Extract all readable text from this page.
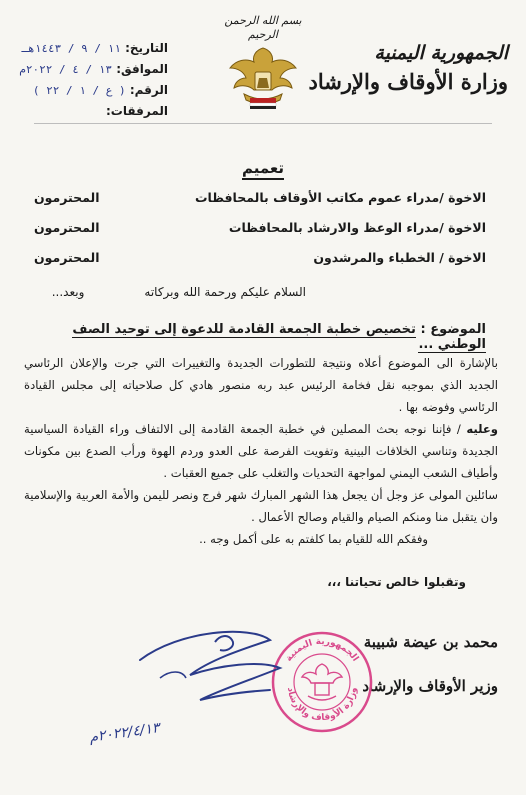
الجمهورية اليمنية
وزارة الأوقاف والإرشاد
بسم الله الرحمن الرحيم
التاريخ: ١١ / ٩ / ١٤٤٣هـ
الموافق: ١٣ / ٤ / ٢٠٢٢م
الرقم: ( ع / ١ / ٢٢ )
المرفقات:
تعميم
الاخوة /مدراء عموم مكاتب الأوقاف بالمحافظات
المحترمون
الاخوة /مدراء الوعظ والارشاد بالمحافظات
المحترمون
الاخوة / الخطباء والمرشدون
المحترمون
السلام عليكم ورحمة الله وبركاته
وبعد...
الموضوع : تخصيص خطبة الجمعة القادمة للدعوة إلى توحيد الصف الوطني ...

بالإشارة الى الموضوع أعلاه ونتيجة للتطورات الجديدة والتغييرات التي جرت والإعلان الرئاسي الجديد الذي بموجبه نقل فخامة الرئيس عبد ربه منصور هادي كل صلاحياته إلى مجلس القيادة الرئاسي وفوضه بها .

وعليه / فإننا نوجه بحث المصلين في خطبة الجمعة القادمة إلى الالتفاف وراء القيادة السياسية الجديدة وتناسي الخلافات البينية وتفويت الفرصة على العدو وردم الهوة ورأب الصدع بين مكونات وأطياف الشعب اليمني لمواجهة التحديات والتغلب على جميع العقبات .

سائلين المولى عز وجل أن يجعل هذا الشهر المبارك شهر فرج ونصر لليمن والأمة العربية والإسلامية وان يتقبل منا ومنكم الصيام والقيام وصالح الأعمال .

وفقكم الله للقيام بما كلفتم به على أكمل وجه ..

وتقبلوا خالص تحياتنا ،،،
محمد بن عيضة شبيبة
وزير الأوقاف والإرشاد
الجمهورية اليمنية
وزارة الأوقاف والإرشاد
٢٠٢٢/٤/١٣م
